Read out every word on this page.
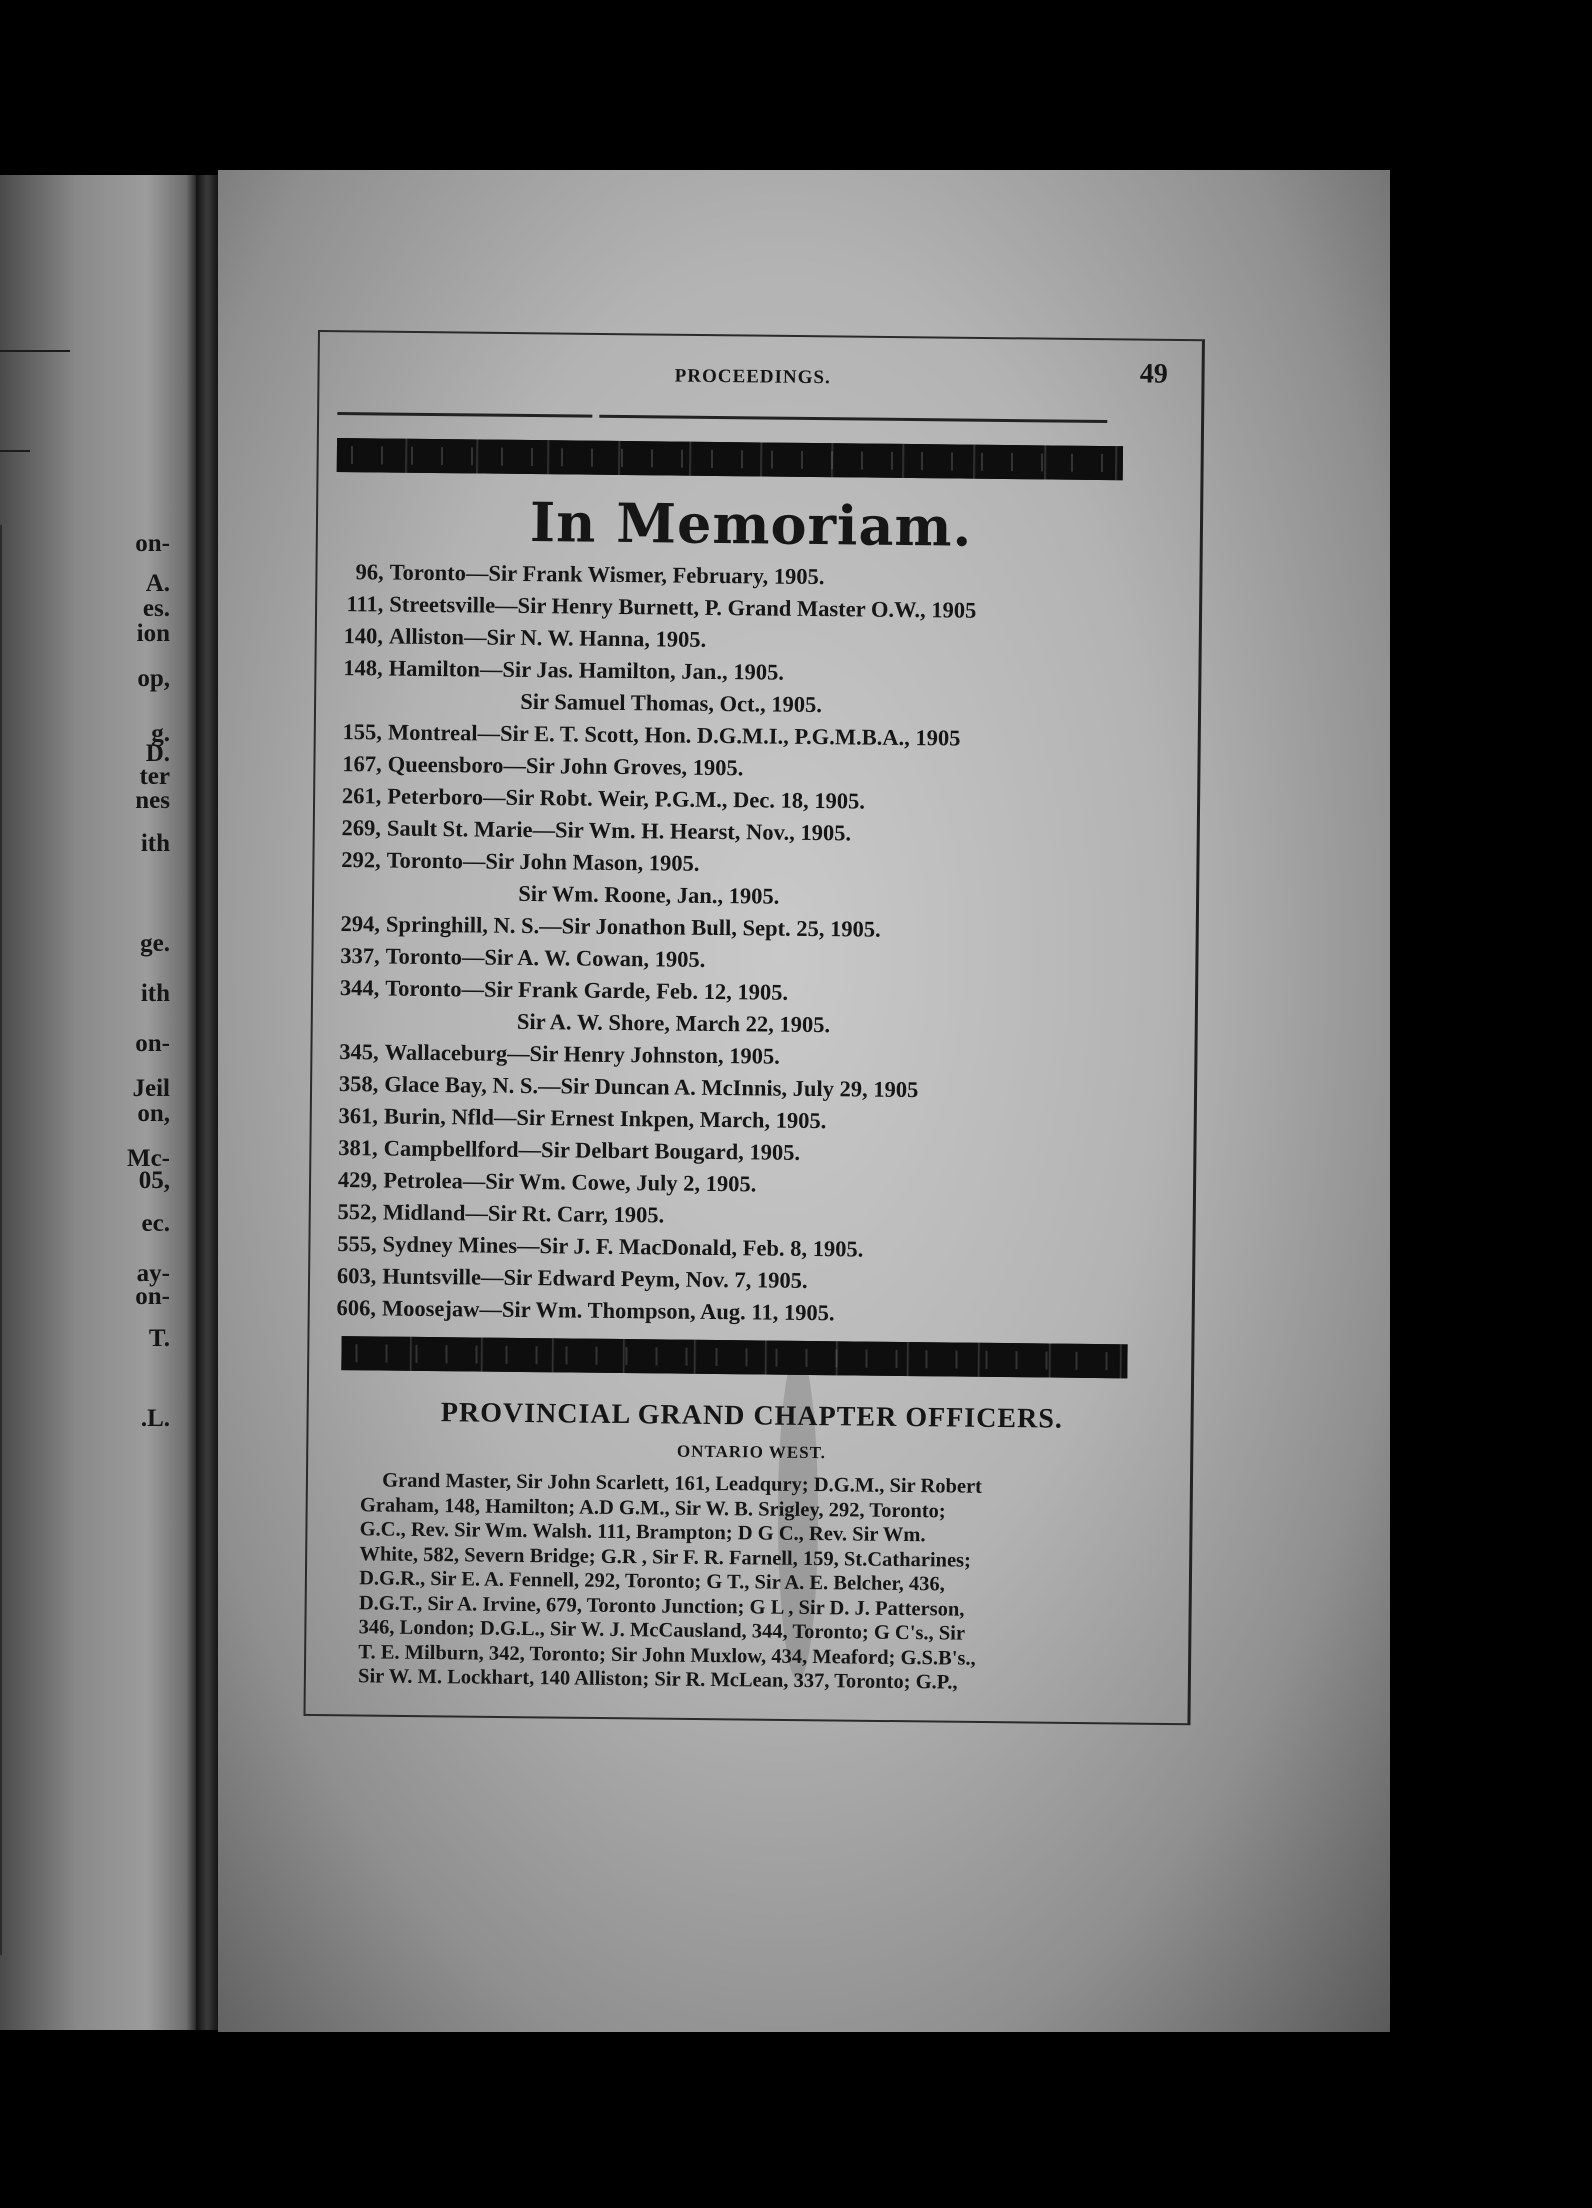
on-
A.
es.
ion
op,
g.
D.
ter
nes
ith
ge.
ith
on-
Jeil
on,
Mc-
05,
ec.
ay-
on-
T.
.L.
PROCEEDINGS.	49
In Memoriam.
96, Toronto—Sir Frank Wismer, February, 1905.
111, Streetsville—Sir Henry Burnett, P. Grand Master O.W., 1905
140, Alliston—Sir N. W. Hanna, 1905.
148, Hamilton—Sir Jas. Hamilton, Jan., 1905.
Sir Samuel Thomas, Oct., 1905.
155, Montreal—Sir E. T. Scott, Hon. D.G.M.I., P.G.M.B.A., 1905
167, Queensboro—Sir John Groves, 1905.
261, Peterboro—Sir Robt. Weir, P.G.M., Dec. 18, 1905.
269, Sault St. Marie—Sir Wm. H. Hearst, Nov., 1905.
292, Toronto—Sir John Mason, 1905.
Sir Wm. Roone, Jan., 1905.
294, Springhill, N. S.—Sir Jonathon Bull, Sept. 25, 1905.
337, Toronto—Sir A. W. Cowan, 1905.
344, Toronto—Sir Frank Garde, Feb. 12, 1905.
Sir A. W. Shore, March 22, 1905.
345, Wallaceburg—Sir Henry Johnston, 1905.
358, Glace Bay, N. S.—Sir Duncan A. McInnis, July 29, 1905
361, Burin, Nfld—Sir Ernest Inkpen, March, 1905.
381, Campbellford—Sir Delbart Bougard, 1905.
429, Petrolea—Sir Wm. Cowe, July 2, 1905.
552, Midland—Sir Rt. Carr, 1905.
555, Sydney Mines—Sir J. F. MacDonald, Feb. 8, 1905.
603, Huntsville—Sir Edward Peym, Nov. 7, 1905.
606, Moosejaw—Sir Wm. Thompson, Aug. 11, 1905.
PROVINCIAL GRAND CHAPTER OFFICERS.
ONTARIO WEST.
Grand Master, Sir John Scarlett, 161, Leadqury; D.G.M., Sir Robert
Graham, 148, Hamilton; A.D G.M., Sir W. B. Srigley, 292, Toronto;
G.C., Rev. Sir Wm. Walsh. 111, Brampton; D G C., Rev. Sir Wm.
White, 582, Severn Bridge; G.R , Sir F. R. Farnell, 159, St.Catharines;
D.G.R., Sir E. A. Fennell, 292, Toronto; G T., Sir A. E. Belcher, 436,
D.G.T., Sir A. Irvine, 679, Toronto Junction; G L , Sir D. J. Patterson,
346, London; D.G.L., Sir W. J. McCausland, 344, Toronto; G C's., Sir
T. E. Milburn, 342, Toronto; Sir John Muxlow, 434, Meaford; G.S.B's.,
Sir W. M. Lockhart, 140 Alliston; Sir R. McLean, 337, Toronto; G.P.,
